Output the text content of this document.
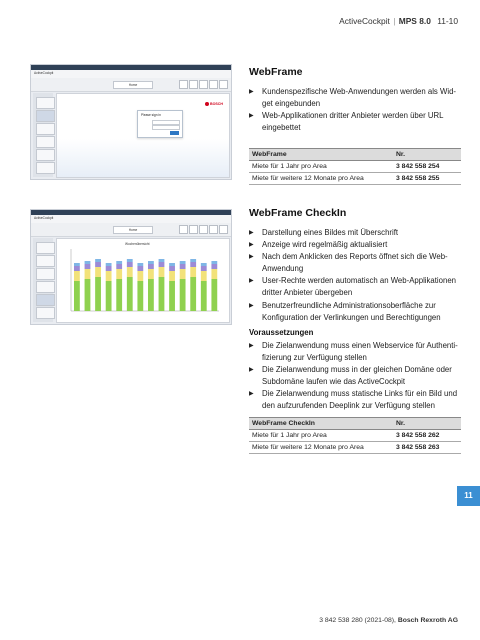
ActiveCockpit | MPS 8.0 11-10
ActiveCockpit
Home
BOSCH
Please sign in
ActiveCockpit
Home
Wochenübersicht
WebFrame
▶ Kundenspezifische Web-Anwendungen werden als Wid-
get eingebunden
▶ Web-Applikationen dritter Anbieter werden über URL
eingebettet
WebFrame	Nr.
Miete für 1 Jahr pro Area	3 842 558 254
Miete für weitere 12 Monate pro Area	3 842 558 255
WebFrame CheckIn
▶ Darstellung eines Bildes mit Überschrift
▶ Anzeige wird regelmäßig aktualisiert
▶ Nach dem Anklicken des Reports öffnet sich die Web-
Anwendung
▶ User-Rechte werden automatisch an Web-Applikationen
dritter Anbieter übergeben
▶ Benutzerfreundliche Administrationsoberfläche zur
Konfiguration der Verlinkungen und Berechtigungen
Voraussetzungen
▶ Die Zielanwendung muss einen Webservice für Authenti-
fizierung zur Verfügung stellen
▶ Die Zielanwendung muss in der gleichen Domäne oder
Subdomäne laufen wie das ActiveCockpit
▶ Die Zielanwendung muss statische Links für ein Bild und
den aufzurufenden Deeplink zur Verfügung stellen
WebFrame CheckIn	Nr.
Miete für 1 Jahr pro Area	3 842 558 262
Miete für weitere 12 Monate pro Area	3 842 558 263
11
3 842 538 280 (2021-08), Bosch Rexroth AG
